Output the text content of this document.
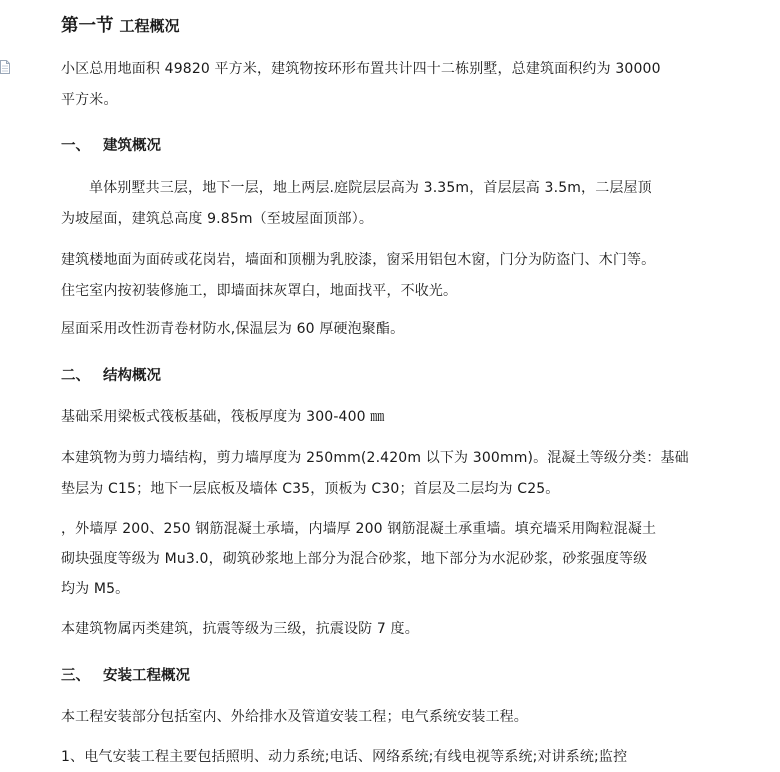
第一节 工程概况
小区总用地面积 49820 平方米，建筑物按环形布置共计四十二栋别墅，总建筑面积约为 30000
平方米。
一、 建筑概况
单体别墅共三层，地下一层，地上两层.庭院层层高为 3.35m，首层层高 3.5m，二层屋顶
为坡屋面，建筑总高度 9.85m（至坡屋面顶部）。
建筑楼地面为面砖或花岗岩，墙面和顶棚为乳胶漆，窗采用铝包木窗，门分为防盗门、木门等。
住宅室内按初装修施工，即墙面抹灰罩白，地面找平，不收光。
屋面采用改性沥青卷材防水,保温层为 60 厚硬泡聚酯。
二、 结构概况
基础采用梁板式筏板基础，筏板厚度为 300-400 ㎜
本建筑物为剪力墙结构，剪力墙厚度为 250mm(2.420m 以下为 300mm)。混凝土等级分类：基础
垫层为 C15；地下一层底板及墙体 C35，顶板为 C30；首层及二层均为 C25。
，外墙厚 200、250 钢筋混凝土承墙，内墙厚 200 钢筋混凝土承重墙。填充墙采用陶粒混凝土
砌块强度等级为 Mu3.0，砌筑砂浆地上部分为混合砂浆，地下部分为水泥砂浆，砂浆强度等级
均为 M5。
本建筑物属丙类建筑，抗震等级为三级，抗震设防 7 度。
三、 安装工程概况
本工程安装部分包括室内、外给排水及管道安装工程；电气系统安装工程。
1、电气安装工程主要包括照明、动力系统;电话、网络系统;有线电视等系统;对讲系统;监控
